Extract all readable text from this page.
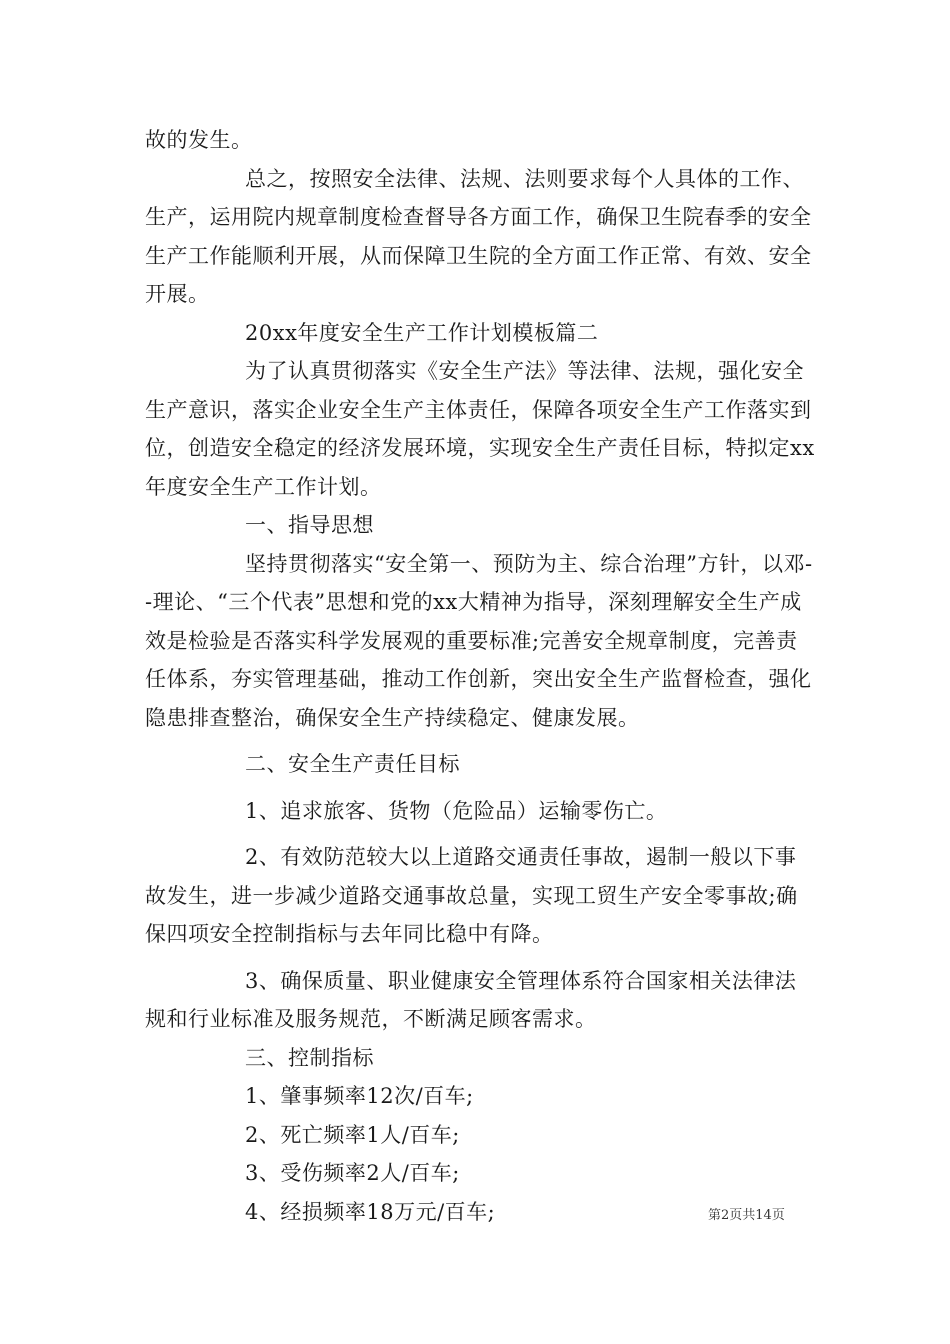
故的发生。

总之，按照安全法律、法规、法则要求每个人具体的工作、生产，运用院内规章制度检查督导各方面工作，确保卫生院春季的安全生产工作能顺利开展，从而保障卫生院的全方面工作正常、有效、安全开展。

20xx年度安全生产工作计划模板篇二

为了认真贯彻落实《安全生产法》等法律、法规，强化安全生产意识，落实企业安全生产主体责任，保障各项安全生产工作落实到位，创造安全稳定的经济发展环境，实现安全生产责任目标，特拟定xx年度安全生产工作计划。

一、指导思想

坚持贯彻落实“安全第一、预防为主、综合治理”方针，以邓--理论、“三个代表”思想和党的xx大精神为指导，深刻理解安全生产成效是检验是否落实科学发展观的重要标准;完善安全规章制度，完善责任体系，夯实管理基础，推动工作创新，突出安全生产监督检查，强化隐患排查整治，确保安全生产持续稳定、健康发展。

二、安全生产责任目标

1、追求旅客、货物（危险品）运输零伤亡。

2、有效防范较大以上道路交通责任事故，遏制一般以下事故发生，进一步减少道路交通事故总量，实现工贸生产安全零事故;确保四项安全控制指标与去年同比稳中有降。

3、确保质量、职业健康安全管理体系符合国家相关法律法规和行业标准及服务规范，不断满足顾客需求。

三、控制指标

1、肇事频率12次/百车;

2、死亡频率1人/百车;

3、受伤频率2人/百车;

4、经损频率18万元/百车;	第2页共14页
